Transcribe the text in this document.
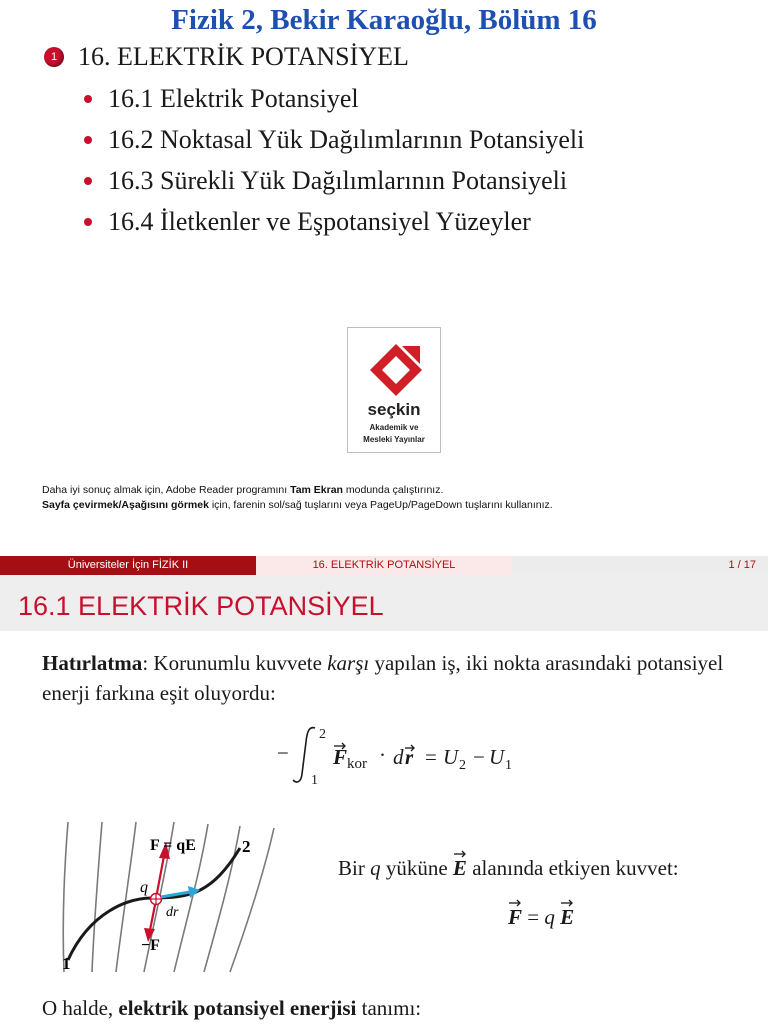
Fizik 2, Bekir Karaoğlu, Bölüm 16
1 16. ELEKTRİK POTANSİYEL
16.1 Elektrik Potansiyel
16.2 Noktasal Yük Dağılımlarının Potansiyeli
16.3 Sürekli Yük Dağılımlarının Potansiyeli
16.4 İletkenler ve Eşpotansiyel Yüzeyler
seçkin
Akademik ve
Mesleki Yayınlar
Daha iyi sonuç almak için, Adobe Reader programını Tam Ekran modunda çalıştırınız.
Sayfa çevirmek/Aşağısını görmek için, farenin sol/sağ tuşlarını veya PageUp/PageDown tuşlarını kullanınız.
Üniversiteler İçin FİZİK II	16. ELEKTRİK POTANSİYEL	1 / 17
16.1 ELEKTRİK POTANSİYEL
Hatırlatma: Korunumlu kuvvete karşı yapılan iş, iki nokta arasındaki potansiyel enerji farkına eşit oluyordu:
−
2
1
F kor · d r = U 2 − U 1
F = qE	2
1
q
dr
−F
Bir q yüküne E
alanında etkiyen kuvvet:
F
= q E
O halde, elektrik potansiyel enerjisi tanımı:
